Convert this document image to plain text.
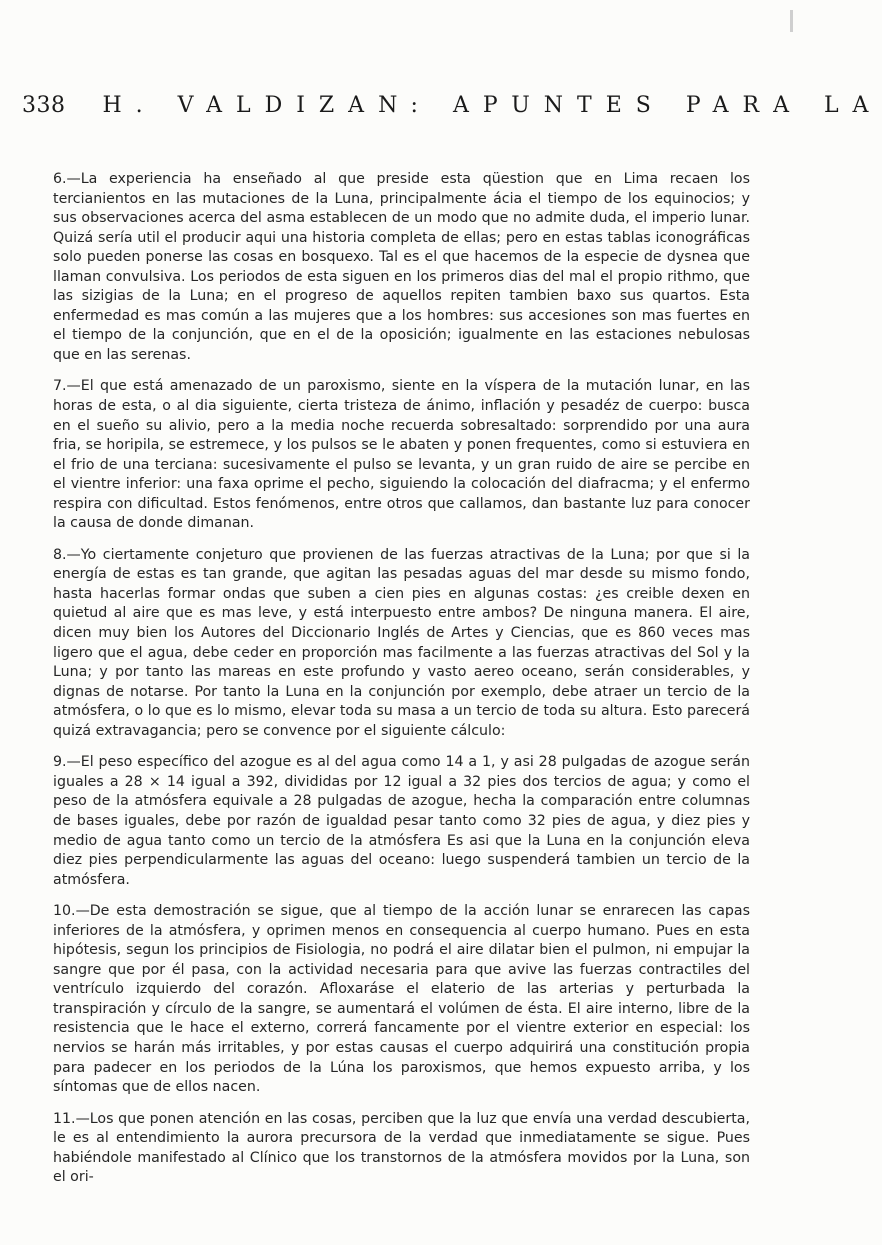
338 H. VALDIZAN: APUNTES PARA LA

6.—La experiencia ha enseñado al que preside esta qüestion que en Lima recaen los tercianientos en las mutaciones de la Luna, principalmente ácia el tiempo de los equinocios; y sus observaciones acerca del asma establecen de un modo que no admite duda, el imperio lunar. Quizá sería util el producir aqui una historia completa de ellas; pero en estas tablas iconográficas solo pueden ponerse las cosas en bosquexo. Tal es el que hacemos de la especie de dysnea que llaman convulsiva. Los periodos de esta siguen en los primeros dias del mal el propio rithmo, que las sizigias de la Luna; en el progreso de aquellos repiten tambien baxo sus quartos. Esta enfermedad es mas común a las mujeres que a los hombres: sus accesiones son mas fuertes en el tiempo de la conjunción, que en el de la oposición; igualmente en las estaciones nebulosas que en las serenas.

7.—El que está amenazado de un paroxismo, siente en la víspera de la mutación lunar, en las horas de esta, o al dia siguiente, cierta tristeza de ánimo, inflación y pesadéz de cuerpo: busca en el sueño su alivio, pero a la media noche recuerda sobresaltado: sorprendido por una aura fria, se horipila, se estremece, y los pulsos se le abaten y ponen frequentes, como si estuviera en el frio de una terciana: sucesivamente el pulso se levanta, y un gran ruido de aire se percibe en el vientre inferior: una faxa oprime el pecho, siguiendo la colocación del diafracma; y el enfermo respira con dificultad. Estos fenómenos, entre otros que callamos, dan bastante luz para conocer la causa de donde dimanan.

8.—Yo ciertamente conjeturo que provienen de las fuerzas atractivas de la Luna; por que si la energía de estas es tan grande, que agitan las pesadas aguas del mar desde su mismo fondo, hasta hacerlas formar ondas que suben a cien pies en algunas costas: ¿es creible dexen en quietud al aire que es mas leve, y está interpuesto entre ambos? De ninguna manera. El aire, dicen muy bien los Autores del Diccionario Inglés de Artes y Ciencias, que es 860 veces mas ligero que el agua, debe ceder en proporción mas facilmente a las fuerzas atractivas del Sol y la Luna; y por tanto las mareas en este profundo y vasto aereo oceano, serán considerables, y dignas de notarse. Por tanto la Luna en la conjunción por exemplo, debe atraer un tercio de la atmósfera, o lo que es lo mismo, elevar toda su masa a un tercio de toda su altura. Esto parecerá quizá extravagancia; pero se convence por el siguiente cálculo:

9.—El peso específico del azogue es al del agua como 14 a 1, y asi 28 pulgadas de azogue serán iguales a 28 × 14 igual a 392, divididas por 12 igual a 32 pies dos tercios de agua; y como el peso de la atmósfera equivale a 28 pulgadas de azogue, hecha la comparación entre columnas de bases iguales, debe por razón de igualdad pesar tanto como 32 pies de agua, y diez pies y medio de agua tanto como un tercio de la atmósfera Es asi que la Luna en la conjunción eleva diez pies perpendicularmente las aguas del oceano: luego suspenderá tambien un tercio de la atmósfera.

10.—De esta demostración se sigue, que al tiempo de la acción lunar se enrarecen las capas inferiores de la atmósfera, y oprimen menos en consequencia al cuerpo humano. Pues en esta hipótesis, segun los principios de Fisiologia, no podrá el aire dilatar bien el pulmon, ni empujar la sangre que por él pasa, con la actividad necesaria para que avive las fuerzas contractiles del ventrículo izquierdo del corazón. Afloxaráse el elaterio de las arterias y perturbada la transpiración y círculo de la sangre, se aumentará el volúmen de ésta. El aire interno, libre de la resistencia que le hace el externo, correrá fancamente por el vientre exterior en especial: los nervios se harán más irritables, y por estas causas el cuerpo adquirirá una constitución propia para padecer en los periodos de la Lúna los paroxismos, que hemos expuesto arriba, y los síntomas que de ellos nacen.

11.—Los que ponen atención en las cosas, perciben que la luz que envía una verdad descubierta, le es al entendimiento la aurora precursora de la verdad que inmediatamente se sigue. Pues habiéndole manifestado al Clínico que los transtornos de la atmósfera movidos por la Luna, son el ori-
